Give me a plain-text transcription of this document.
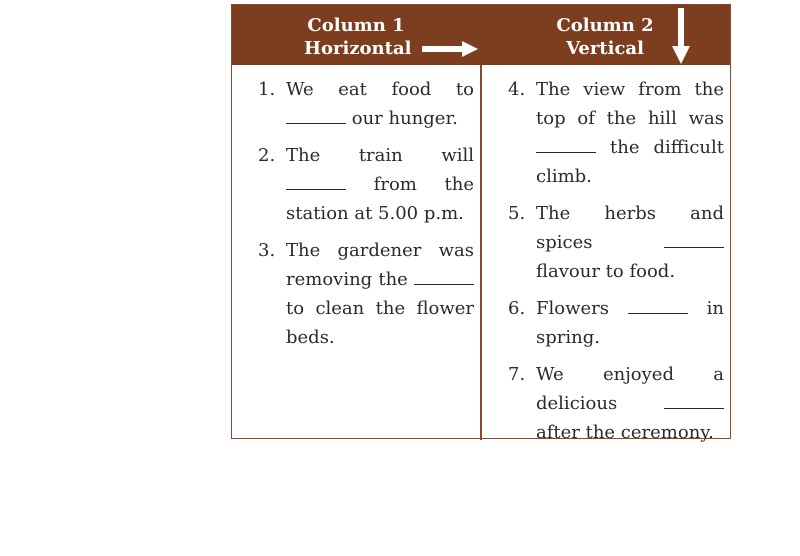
Column 1
Horizontal
Column 2
Vertical
1. We eat food to  our hunger.
2. The train will  from the station at 5.00 p.m.
3. The gardener was removing the  to clean the flower beds.
4. The view from the top of the hill was  the difficult climb.
5. The herbs and spices  flavour to food.
6. Flowers	in spring.
7. We enjoyed a delicious  after the ceremony.
